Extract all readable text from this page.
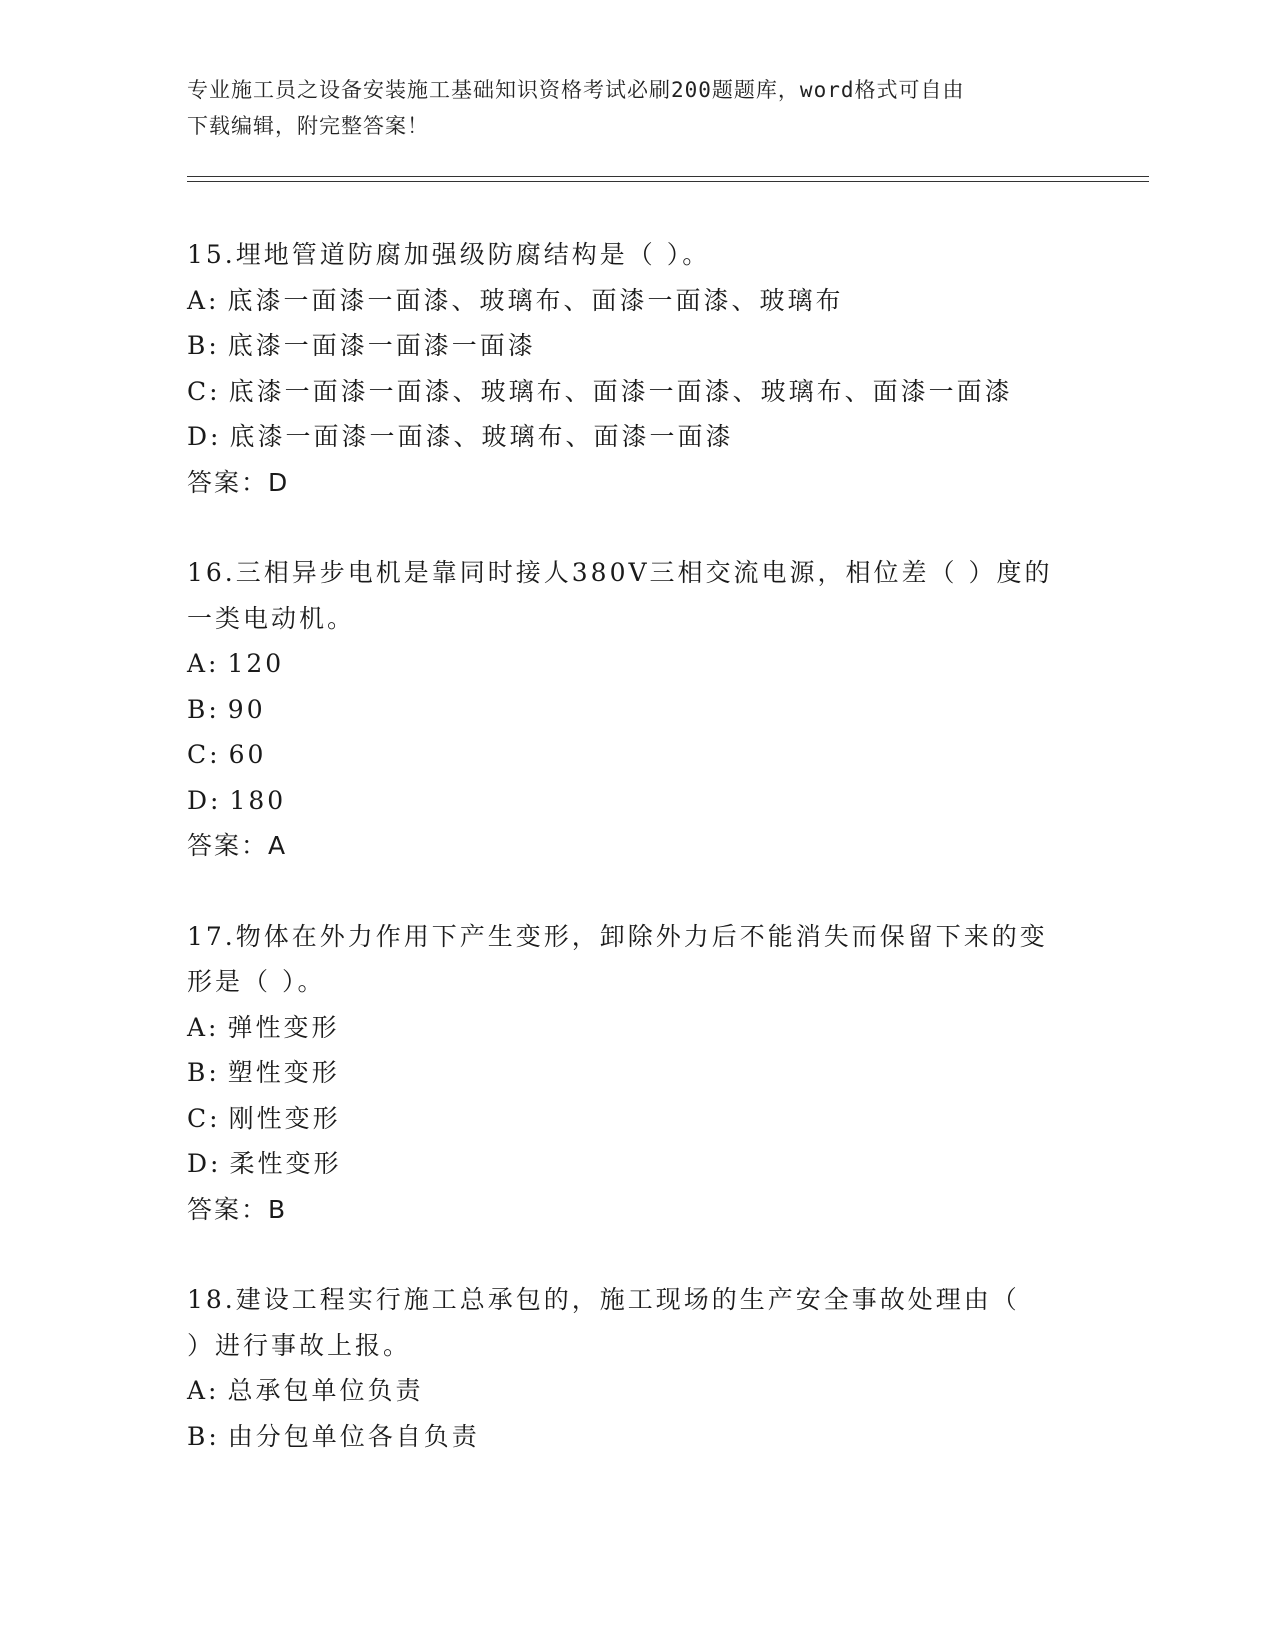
专业施工员之设备安装施工基础知识资格考试必刷200题题库，word格式可自由
下载编辑，附完整答案！
15.埋地管道防腐加强级防腐结构是（ ）。
A: 底漆一面漆一面漆、玻璃布、面漆一面漆、玻璃布
B: 底漆一面漆一面漆一面漆
C: 底漆一面漆一面漆、玻璃布、面漆一面漆、玻璃布、面漆一面漆
D: 底漆一面漆一面漆、玻璃布、面漆一面漆
答案：D
16.三相异步电机是靠同时接人380V三相交流电源，相位差（ ）度的
一类电动机。
A: 120
B: 90
C: 60
D: 180
答案：A
17.物体在外力作用下产生变形，卸除外力后不能消失而保留下来的变
形是（ ）。
A: 弹性变形
B: 塑性变形
C: 刚性变形
D: 柔性变形
答案：B
18.建设工程实行施工总承包的，施工现场的生产安全事故处理由（
）进行事故上报。
A: 总承包单位负责
B: 由分包单位各自负责
